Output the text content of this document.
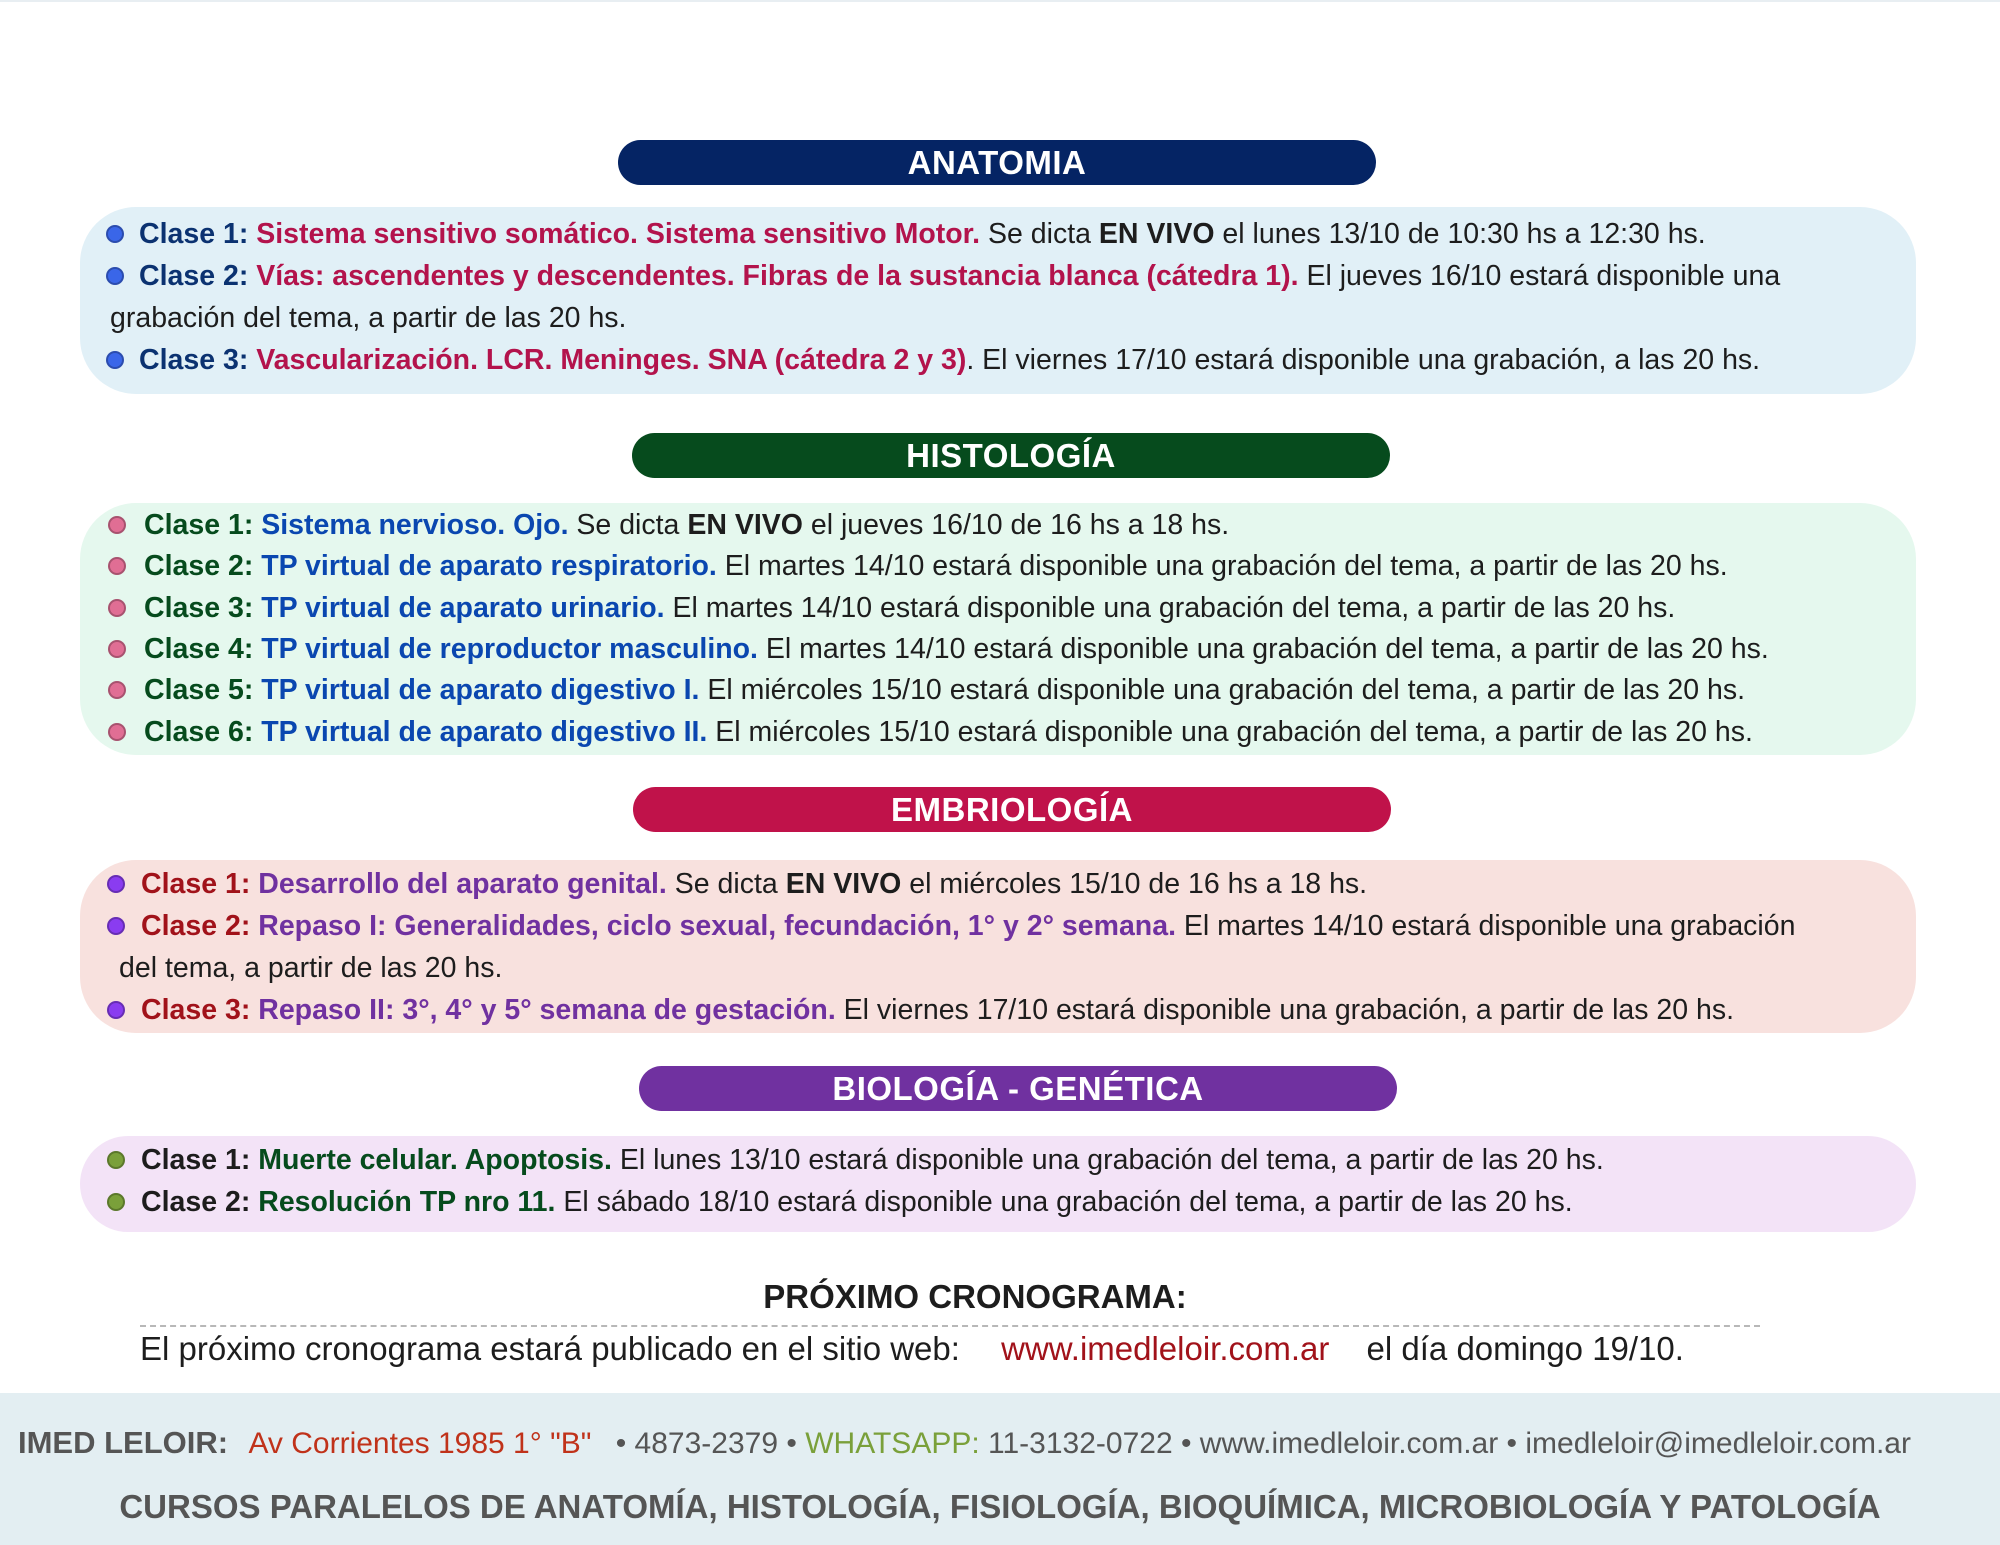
ANATOMIA
Clase 1: Sistema sensitivo somático. Sistema sensitivo Motor. Se dicta EN VIVO el lunes 13/10 de 10:30 hs a 12:30 hs.
Clase 2: Vías: ascendentes y descendentes. Fibras de la sustancia blanca (cátedra 1). El jueves 16/10 estará disponible una
grabación del tema, a partir de las 20 hs.
Clase 3: Vascularización. LCR. Meninges. SNA (cátedra 2 y 3). El viernes 17/10 estará disponible una grabación, a las 20 hs.
HISTOLOGÍA
Clase 1: Sistema nervioso. Ojo. Se dicta EN VIVO el jueves 16/10 de 16 hs a 18 hs.
Clase 2: TP virtual de aparato respiratorio. El martes 14/10 estará disponible una grabación del tema, a partir de las 20 hs.
Clase 3: TP virtual de aparato urinario. El martes 14/10 estará disponible una grabación del tema, a partir de las 20 hs.
Clase 4: TP virtual de reproductor masculino. El martes 14/10 estará disponible una grabación del tema, a partir de las 20 hs.
Clase 5: TP virtual de aparato digestivo I. El miércoles 15/10 estará disponible una grabación del tema, a partir de las 20 hs.
Clase 6: TP virtual de aparato digestivo II. El miércoles 15/10 estará disponible una grabación del tema, a partir de las 20 hs.
EMBRIOLOGÍA
Clase 1: Desarrollo del aparato genital. Se dicta EN VIVO el miércoles 15/10 de 16 hs a 18 hs.
Clase 2: Repaso I: Generalidades, ciclo sexual, fecundación, 1° y 2° semana. El martes 14/10 estará disponible una grabación
del tema, a partir de las 20 hs.
Clase 3: Repaso II: 3°, 4° y 5° semana de gestación. El viernes 17/10 estará disponible una grabación, a partir de las 20 hs.
BIOLOGÍA - GENÉTICA
Clase 1: Muerte celular. Apoptosis. El lunes 13/10 estará disponible una grabación del tema, a partir de las 20 hs.
Clase 2: Resolución TP nro 11. El sábado 18/10 estará disponible una grabación del tema, a partir de las 20 hs.
PRÓXIMO CRONOGRAMA:
El próximo cronograma estará publicado en el sitio web: www.imedleloir.com.ar el día domingo 19/10.
IMED LELOIR: Av Corrientes 1985 1° "B" • 4873-2379 • WHATSAPP: 11-3132-0722 • www.imedleloir.com.ar • imedleloir@imedleloir.com.ar
CURSOS PARALELOS DE ANATOMÍA, HISTOLOGÍA, FISIOLOGÍA, BIOQUÍMICA, MICROBIOLOGÍA Y PATOLOGÍA
